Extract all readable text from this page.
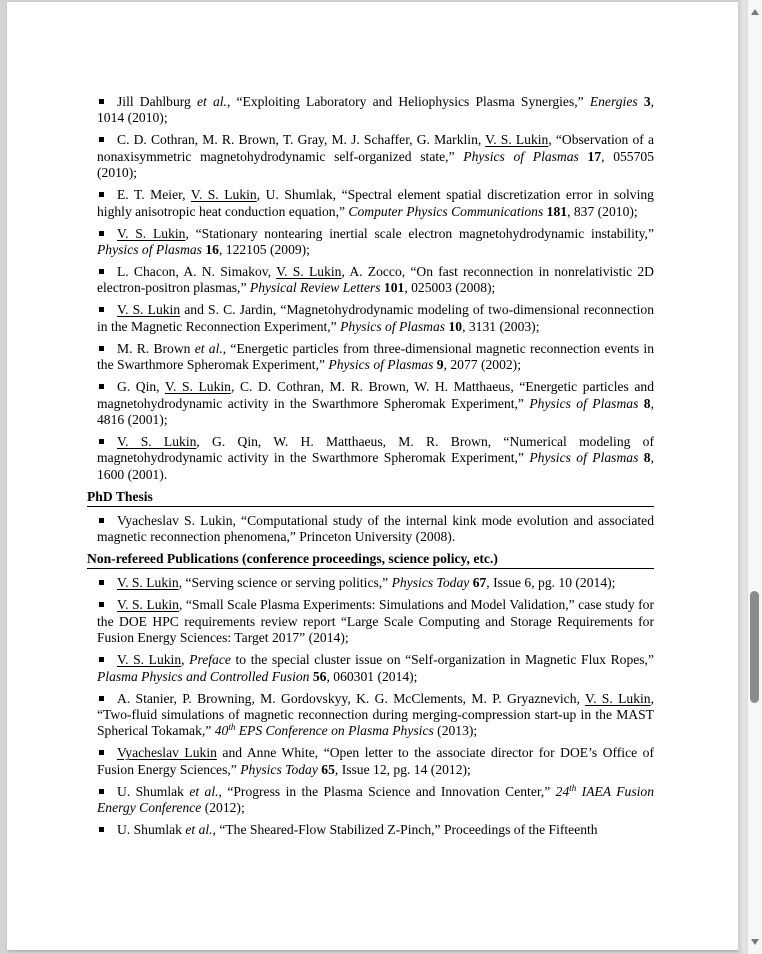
Jill Dahlburg et al., “Exploiting Laboratory and Heliophysics Plasma Synergies,” Energies 3, 1014 (2010);
C. D. Cothran, M. R. Brown, T. Gray, M. J. Schaffer, G. Marklin, V. S. Lukin, “Observation of a nonaxisymmetric magnetohydrodynamic self-organized state,” Physics of Plasmas 17, 055705 (2010);
E. T. Meier, V. S. Lukin, U. Shumlak, “Spectral element spatial discretization error in solving highly anisotropic heat conduction equation,” Computer Physics Communications 181, 837 (2010);
V. S. Lukin, “Stationary nontearing inertial scale electron magnetohydrodynamic instability,” Physics of Plasmas 16, 122105 (2009);
L. Chacon, A. N. Simakov, V. S. Lukin, A. Zocco, “On fast reconnection in nonrelativistic 2D electron-positron plasmas,” Physical Review Letters 101, 025003 (2008);
V. S. Lukin and S. C. Jardin, “Magnetohydrodynamic modeling of two-dimensional reconnection in the Magnetic Reconnection Experiment,” Physics of Plasmas 10, 3131 (2003);
M. R. Brown et al., “Energetic particles from three-dimensional magnetic reconnection events in the Swarthmore Spheromak Experiment,” Physics of Plasmas 9, 2077 (2002);
G. Qin, V. S. Lukin, C. D. Cothran, M. R. Brown, W. H. Matthaeus, “Energetic particles and magnetohydrodynamic activity in the Swarthmore Spheromak Experiment,” Physics of Plasmas 8, 4816 (2001);
V. S. Lukin, G. Qin, W. H. Matthaeus, M. R. Brown, “Numerical modeling of magnetohydrodynamic activity in the Swarthmore Spheromak Experiment,” Physics of Plasmas 8, 1600 (2001).
PhD Thesis
Vyacheslav S. Lukin, “Computational study of the internal kink mode evolution and associated magnetic reconnection phenomena,” Princeton University (2008).
Non-refereed Publications (conference proceedings, science policy, etc.)
V. S. Lukin, “Serving science or serving politics,” Physics Today 67, Issue 6, pg. 10 (2014);
V. S. Lukin, “Small Scale Plasma Experiments: Simulations and Model Validation,” case study for the DOE HPC requirements review report “Large Scale Computing and Storage Requirements for Fusion Energy Sciences: Target 2017” (2014);
V. S. Lukin, Preface to the special cluster issue on “Self-organization in Magnetic Flux Ropes,” Plasma Physics and Controlled Fusion 56, 060301 (2014);
A. Stanier, P. Browning, M. Gordovskyy, K. G. McClements, M. P. Gryaznevich, V. S. Lukin, “Two-fluid simulations of magnetic reconnection during merging-compression start-up in the MAST Spherical Tokamak,” 40th EPS Conference on Plasma Physics (2013);
Vyacheslav Lukin and Anne White, “Open letter to the associate director for DOE’s Office of Fusion Energy Sciences,” Physics Today 65, Issue 12, pg. 14 (2012);
U. Shumlak et al., “Progress in the Plasma Science and Innovation Center,” 24th IAEA Fusion Energy Conference (2012);
U. Shumlak et al., “The Sheared-Flow Stabilized Z-Pinch,” Proceedings of the Fifteenth
